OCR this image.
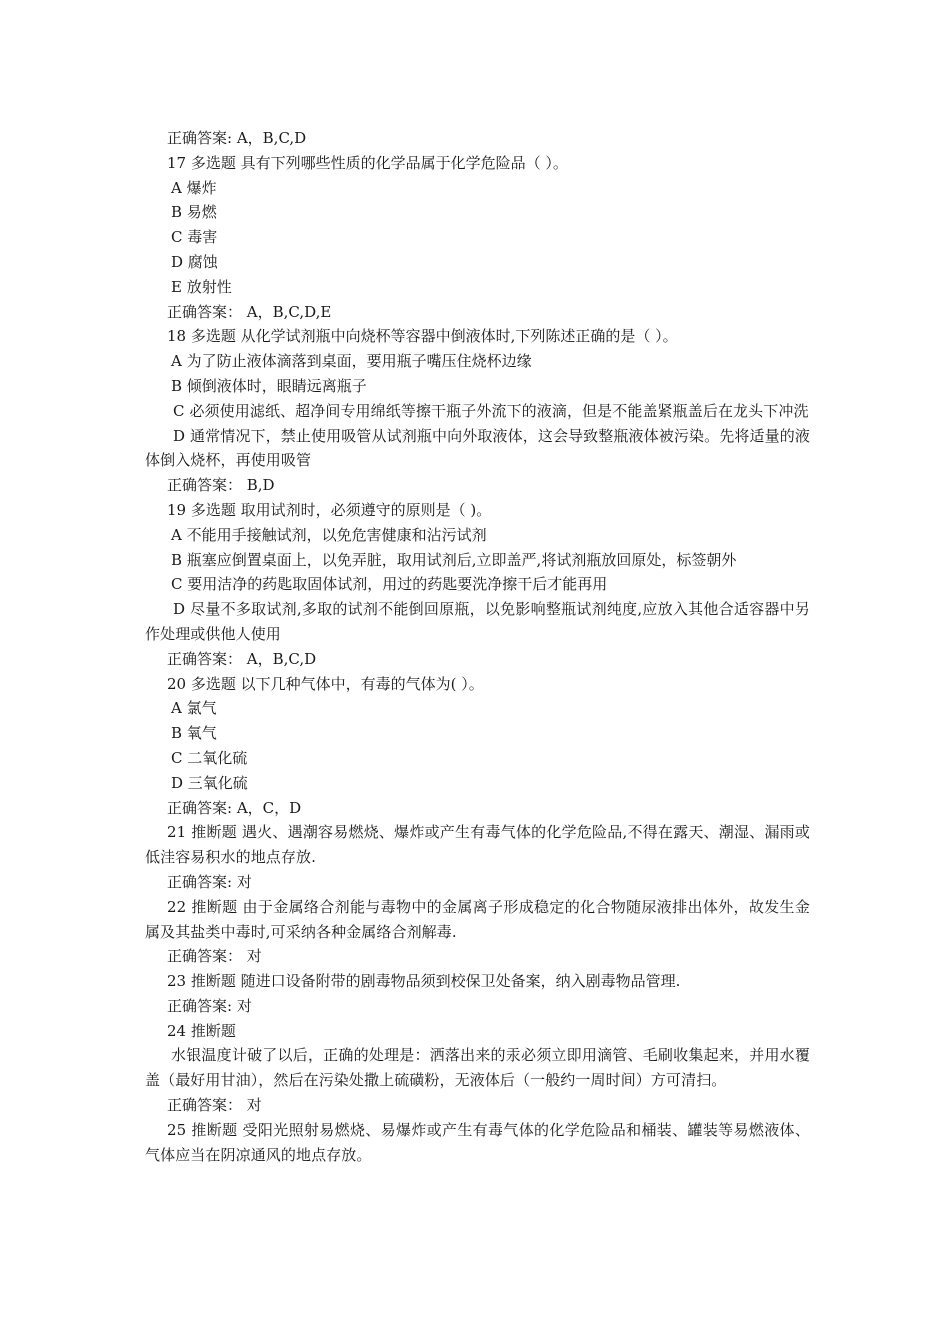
正确答案: A，B,C,D
17 多选题 具有下列哪些性质的化学品属于化学危险品（ ）。
A 爆炸
B 易燃
C 毒害
D 腐蚀
E 放射性
正确答案： A，B,C,D,E
18 多选题 从化学试剂瓶中向烧杯等容器中倒液体时,下列陈述正确的是（ ）。
A 为了防止液体滴落到桌面，要用瓶子嘴压住烧杯边缘
B 倾倒液体时，眼睛远离瓶子
C 必须使用滤纸、超净间专用绵纸等擦干瓶子外流下的液滴，但是不能盖紧瓶盖后在龙头下冲洗
D 通常情况下，禁止使用吸管从试剂瓶中向外取液体，这会导致整瓶液体被污染。先将适量的液体倒入烧杯，再使用吸管
正确答案： B,D
19 多选题 取用试剂时，必须遵守的原则是（ )。
A 不能用手接触试剂，以免危害健康和沾污试剂
B 瓶塞应倒置桌面上，以免弄脏，取用试剂后,立即盖严,将试剂瓶放回原处，标签朝外
C 要用洁净的药匙取固体试剂，用过的药匙要洗净擦干后才能再用
D 尽量不多取试剂,多取的试剂不能倒回原瓶，以免影响整瓶试剂纯度,应放入其他合适容器中另作处理或供他人使用
正确答案： A，B,C,D
20 多选题 以下几种气体中，有毒的气体为( ）。
A 氯气
B 氧气
C 二氧化硫
D 三氧化硫
正确答案: A，C，D
21 推断题 遇火、遇潮容易燃烧、爆炸或产生有毒气体的化学危险品,不得在露天、潮湿、漏雨或低洼容易积水的地点存放.
正确答案: 对
22 推断题 由于金属络合剂能与毒物中的金属离子形成稳定的化合物随尿液排出体外，故发生金属及其盐类中毒时,可采纳各种金属络合剂解毒.
正确答案： 对
23 推断题 随进口设备附带的剧毒物品须到校保卫处备案，纳入剧毒物品管理.
正确答案: 对
24 推断题
水银温度计破了以后，正确的处理是：洒落出来的汞必须立即用滴管、毛刷收集起来，并用水覆盖（最好用甘油），然后在污染处撒上硫磺粉，无液体后（一般约一周时间）方可清扫。
正确答案： 对
25 推断题 受阳光照射易燃烧、易爆炸或产生有毒气体的化学危险品和桶装、罐装等易燃液体、气体应当在阴凉通风的地点存放。
